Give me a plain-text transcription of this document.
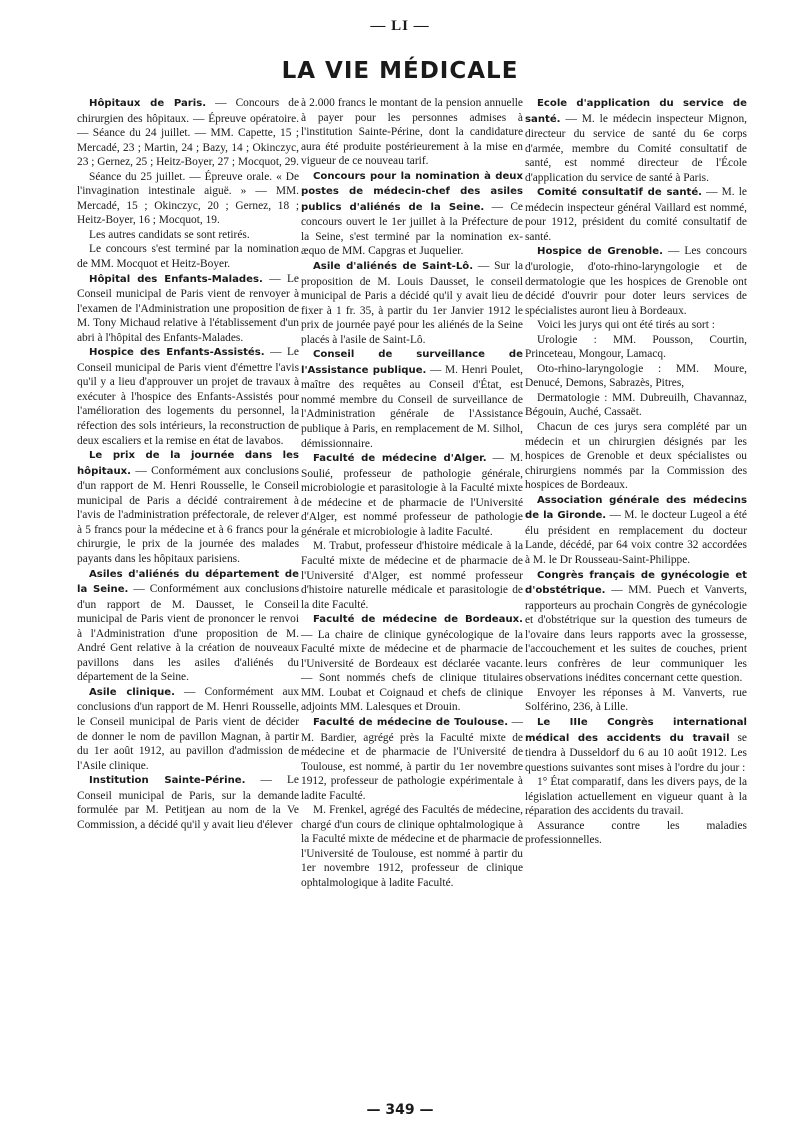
— LI —
LA VIE MÉDICALE

Hôpitaux de Paris. — Concours de chirurgien des hôpitaux. — Épreuve opératoire. — Séance du 24 juillet. — MM. Capette, 15 ; Mercadé, 23 ; Martin, 24 ; Bazy, 14 ; Okinczyc, 23 ; Gernez, 25 ; Heitz-Boyer, 27 ; Mocquot, 29.

Séance du 25 juillet. — Épreuve orale. « De l'invagination intestinale aiguë. » — MM. Mercadé, 15 ; Okinczyc, 20 ; Gernez, 18 ; Heitz-Boyer, 16 ; Mocquot, 19.

Les autres candidats se sont retirés.

Le concours s'est terminé par la nomination de MM. Mocquot et Heitz-Boyer.

Hôpital des Enfants-Malades. — Le Conseil municipal de Paris vient de renvoyer à l'examen de l'Administration une proposition de M. Tony Michaud relative à l'établissement d'un abri à l'hôpital des Enfants-Malades.

Hospice des Enfants-Assistés. — Le Conseil municipal de Paris vient d'émettre l'avis qu'il y a lieu d'approuver un projet de travaux à exécuter à l'hospice des Enfants-Assistés pour l'amélioration des logements du personnel, la réfection des sols intérieurs, la reconstruction de deux escaliers et la remise en état de lavabos.

Le prix de la journée dans les hôpitaux. — Conformément aux conclusions d'un rapport de M. Henri Rousselle, le Conseil municipal de Paris a décidé contrairement à l'avis de l'administration préfectorale, de relever à 5 francs pour la médecine et à 6 francs pour la chirurgie, le prix de la journée des malades payants dans les hôpitaux parisiens.

Asiles d'aliénés du département de la Seine. — Conformément aux conclusions d'un rapport de M. Dausset, le Conseil municipal de Paris vient de prononcer le renvoi à l'Administration d'une proposition de M. André Gent relative à la création de nouveaux pavillons dans les asiles d'aliénés du département de la Seine.

Asile clinique. — Conformément aux conclusions d'un rapport de M. Henri Rousselle, le Conseil municipal de Paris vient de décider de donner le nom de pavillon Magnan, à partir du 1er août 1912, au pavillon d'admission de l'Asile clinique.

Institution Sainte-Périne. — Le Conseil municipal de Paris, sur la demande formulée par M. Petitjean au nom de la Ve Commission, a décidé qu'il y avait lieu d'élever

à 2.000 francs le montant de la pension annuelle à payer pour les personnes admises à l'institution Sainte-Périne, dont la candidature aura été produite postérieurement à la mise en vigueur de ce nouveau tarif.

Concours pour la nomination à deux postes de médecin-chef des asiles publics d'aliénés de la Seine. — Ce concours ouvert le 1er juillet à la Préfecture de la Seine, s'est terminé par la nomination ex-æquo de MM. Capgras et Juquelier.

Asile d'aliénés de Saint-Lô. — Sur la proposition de M. Louis Dausset, le conseil municipal de Paris a décidé qu'il y avait lieu de fixer à 1 fr. 35, à partir du 1er Janvier 1912 le prix de journée payé pour les aliénés de la Seine placés à l'asile de Saint-Lô.

Conseil de surveillance de l'Assistance publique. — M. Henri Poulet, maître des requêtes au Conseil d'État, est nommé membre du Conseil de surveillance de l'Administration générale de l'Assistance publique à Paris, en remplacement de M. Silhol, démissionnaire.

Faculté de médecine d'Alger. — M. Soulié, professeur de pathologie générale, microbiologie et parasitologie à la Faculté mixte de médecine et de pharmacie de l'Université d'Alger, est nommé professeur de pathologie générale et microbiologie à ladite Faculté.

M. Trabut, professeur d'histoire médicale à la Faculté mixte de médecine et de pharmacie de l'Université d'Alger, est nommé professeur d'histoire naturelle médicale et parasitologie de la dite Faculté.

Faculté de médecine de Bordeaux. — La chaire de clinique gynécologique de la Faculté mixte de médecine et de pharmacie de l'Université de Bordeaux est déclarée vacante. — Sont nommés chefs de clinique titulaires MM. Loubat et Coignaud et chefs de clinique adjoints MM. Lalesques et Drouin.

Faculté de médecine de Toulouse. — M. Bardier, agrégé près la Faculté mixte de médecine et de pharmacie de l'Université de Toulouse, est nommé, à partir du 1er novembre 1912, professeur de pathologie expérimentale à ladite Faculté.

M. Frenkel, agrégé des Facultés de médecine, chargé d'un cours de clinique ophtalmologique à la Faculté mixte de médecine et de pharmacie de l'Université de Toulouse, est nommé à partir du 1er novembre 1912, professeur de clinique ophtalmologique à ladite Faculté.

Ecole d'application du service de santé. — M. le médecin inspecteur Mignon, directeur du service de santé du 6e corps d'armée, membre du Comité consultatif de santé, est nommé directeur de l'École d'application du service de santé à Paris.

Comité consultatif de santé. — M. le médecin inspecteur général Vaillard est nommé, pour 1912, président du comité consultatif de santé.

Hospice de Grenoble. — Les concours d'urologie, d'oto-rhino-laryngologie et de dermatologie que les hospices de Grenoble ont décidé d'ouvrir pour doter leurs services de spécialistes auront lieu à Bordeaux.

Voici les jurys qui ont été tirés au sort :

Urologie : MM. Pousson, Courtin, Princeteau, Mongour, Lamacq.

Oto-rhino-laryngologie : MM. Moure, Denucé, Demons, Sabrazès, Pitres,

Dermatologie : MM. Dubreuilh, Chavannaz, Bégouin, Auché, Cassaët.

Chacun de ces jurys sera complété par un médecin et un chirurgien désignés par les hospices de Grenoble et deux spécialistes ou chirurgiens nommés par la Commission des hospices de Bordeaux.

Association générale des médecins de la Gironde. — M. le docteur Lugeol a été élu président en remplacement du docteur Lande, décédé, par 64 voix contre 32 accordées à M. le Dr Rousseau-Saint-Philippe.

Congrès français de gynécologie et d'obstétrique. — MM. Puech et Vanverts, rapporteurs au prochain Congrès de gynécologie et d'obstétrique sur la question des tumeurs de l'ovaire dans leurs rapports avec la grossesse, l'accouchement et les suites de couches, prient leurs confrères de leur communiquer les observations inédites concernant cette question.

Envoyer les réponses à M. Vanverts, rue Solférino, 236, à Lille.

Le IIIe Congrès international médical des accidents du travail se tiendra à Dusseldorf du 6 au 10 août 1912. Les questions suivantes sont mises à l'ordre du jour :

1° État comparatif, dans les divers pays, de la législation actuellement en vigueur quant à la réparation des accidents du travail.

Assurance contre les maladies professionnelles.

— 349 —
